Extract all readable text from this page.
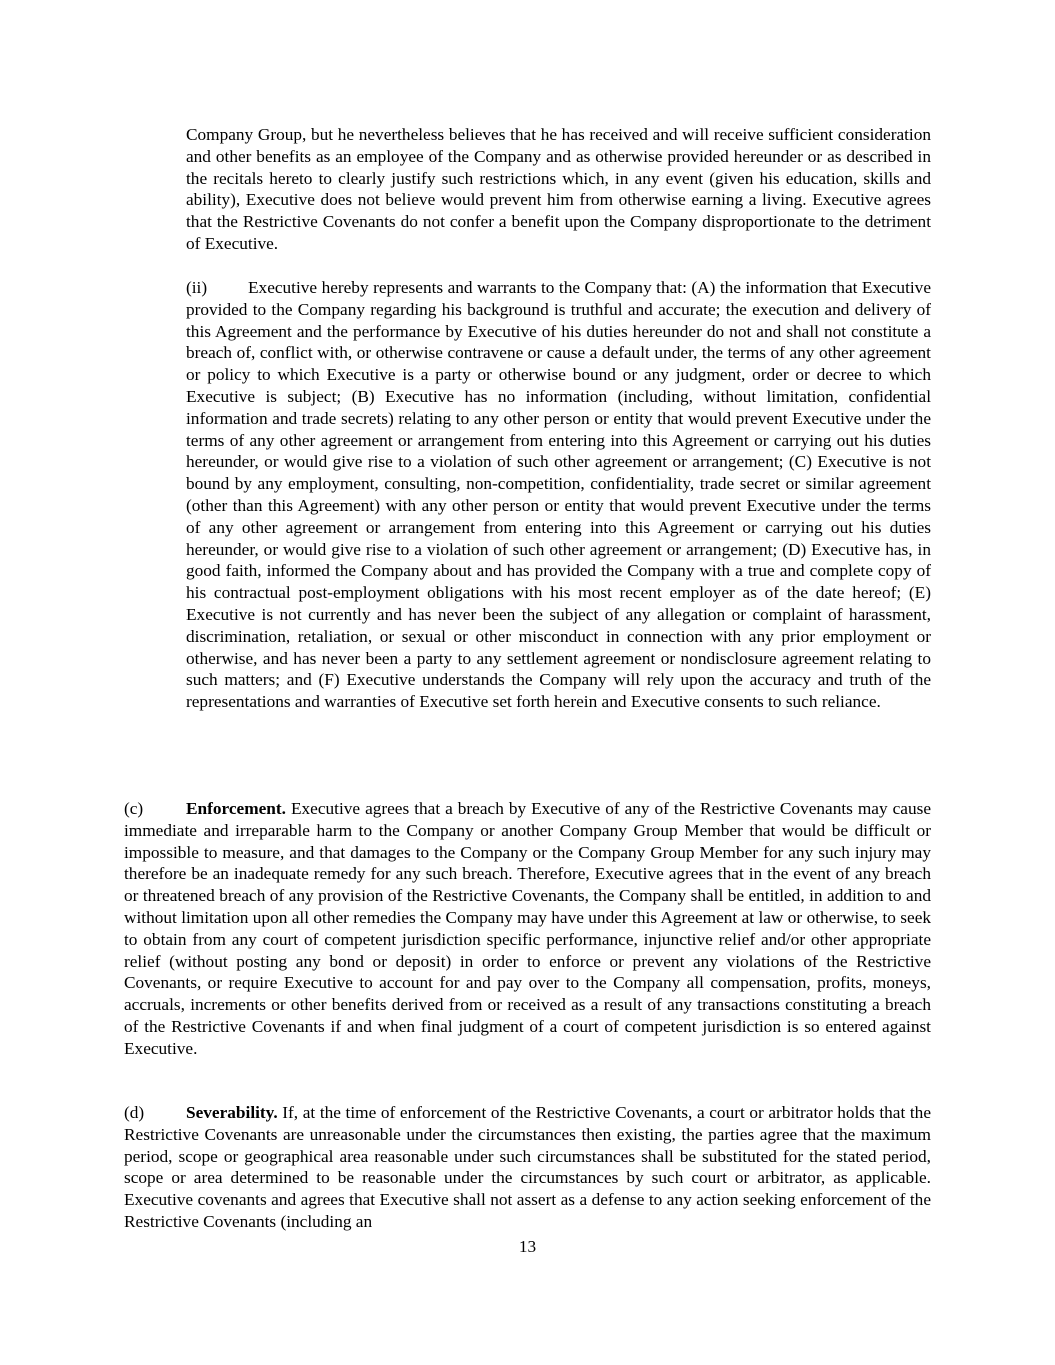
Company Group, but he nevertheless believes that he has received and will receive sufficient consideration and other benefits as an employee of the Company and as otherwise provided hereunder or as described in the recitals hereto to clearly justify such restrictions which, in any event (given his education, skills and ability), Executive does not believe would prevent him from otherwise earning a living. Executive agrees that the Restrictive Covenants do not confer a benefit upon the Company disproportionate to the detriment of Executive.

(ii) Executive hereby represents and warrants to the Company that: (A) the information that Executive provided to the Company regarding his background is truthful and accurate; the execution and delivery of this Agreement and the performance by Executive of his duties hereunder do not and shall not constitute a breach of, conflict with, or otherwise contravene or cause a default under, the terms of any other agreement or policy to which Executive is a party or otherwise bound or any judgment, order or decree to which Executive is subject; (B) Executive has no information (including, without limitation, confidential information and trade secrets) relating to any other person or entity that would prevent Executive under the terms of any other agreement or arrangement from entering into this Agreement or carrying out his duties hereunder, or would give rise to a violation of such other agreement or arrangement; (C) Executive is not bound by any employment, consulting, non-competition, confidentiality, trade secret or similar agreement (other than this Agreement) with any other person or entity that would prevent Executive under the terms of any other agreement or arrangement from entering into this Agreement or carrying out his duties hereunder, or would give rise to a violation of such other agreement or arrangement; (D) Executive has, in good faith, informed the Company about and has provided the Company with a true and complete copy of his contractual post-employment obligations with his most recent employer as of the date hereof; (E) Executive is not currently and has never been the subject of any allegation or complaint of harassment, discrimination, retaliation, or sexual or other misconduct in connection with any prior employment or otherwise, and has never been a party to any settlement agreement or nondisclosure agreement relating to such matters; and (F) Executive understands the Company will rely upon the accuracy and truth of the representations and warranties of Executive set forth herein and Executive consents to such reliance.

(c) Enforcement. Executive agrees that a breach by Executive of any of the Restrictive Covenants may cause immediate and irreparable harm to the Company or another Company Group Member that would be difficult or impossible to measure, and that damages to the Company or the Company Group Member for any such injury may therefore be an inadequate remedy for any such breach. Therefore, Executive agrees that in the event of any breach or threatened breach of any provision of the Restrictive Covenants, the Company shall be entitled, in addition to and without limitation upon all other remedies the Company may have under this Agreement at law or otherwise, to seek to obtain from any court of competent jurisdiction specific performance, injunctive relief and/or other appropriate relief (without posting any bond or deposit) in order to enforce or prevent any violations of the Restrictive Covenants, or require Executive to account for and pay over to the Company all compensation, profits, moneys, accruals, increments or other benefits derived from or received as a result of any transactions constituting a breach of the Restrictive Covenants if and when final judgment of a court of competent jurisdiction is so entered against Executive.

(d) Severability. If, at the time of enforcement of the Restrictive Covenants, a court or arbitrator holds that the Restrictive Covenants are unreasonable under the circumstances then existing, the parties agree that the maximum period, scope or geographical area reasonable under such circumstances shall be substituted for the stated period, scope or area determined to be reasonable under the circumstances by such court or arbitrator, as applicable. Executive covenants and agrees that Executive shall not assert as a defense to any action seeking enforcement of the Restrictive Covenants (including an

13
